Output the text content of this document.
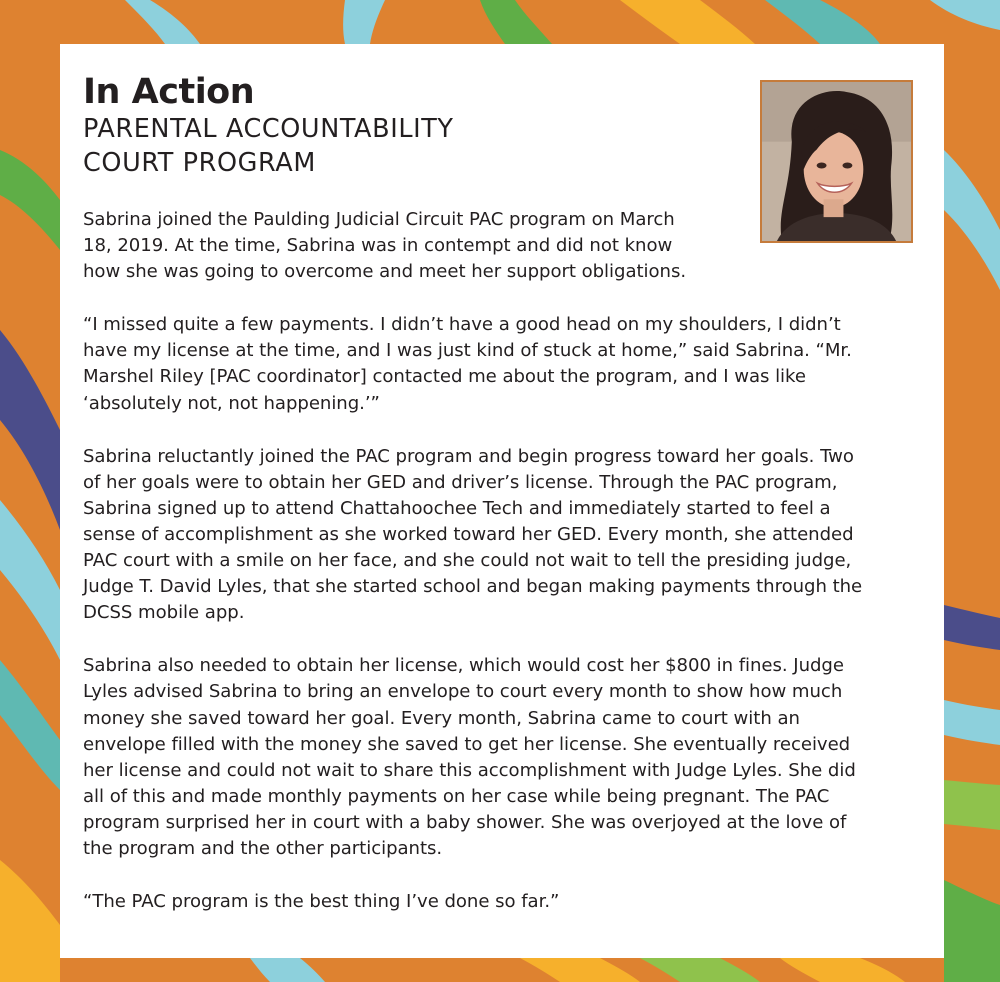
In Action
PARENTAL ACCOUNTABILITY
COURT PROGRAM

Sabrina joined the Paulding Judicial Circuit PAC program on March
18, 2019. At the time, Sabrina was in contempt and did not know
how she was going to overcome and meet her support obligations.

“I missed quite a few payments. I didn’t have a good head on my shoulders, I didn’t
have my license at the time, and I was just kind of stuck at home,” said Sabrina. “Mr.
Marshel Riley [PAC coordinator] contacted me about the program, and I was like
‘absolutely not, not happening.’”

Sabrina reluctantly joined the PAC program and begin progress toward her goals. Two
of her goals were to obtain her GED and driver’s license. Through the PAC program,
Sabrina signed up to attend Chattahoochee Tech and immediately started to feel a
sense of accomplishment as she worked toward her GED. Every month, she attended
PAC court with a smile on her face, and she could not wait to tell the presiding judge,
Judge T. David Lyles, that she started school and began making payments through the
DCSS mobile app.

Sabrina also needed to obtain her license, which would cost her $800 in fines. Judge
Lyles advised Sabrina to bring an envelope to court every month to show how much
money she saved toward her goal. Every month, Sabrina came to court with an
envelope filled with the money she saved to get her license. She eventually received
her license and could not wait to share this accomplishment with Judge Lyles. She did
all of this and made monthly payments on her case while being pregnant. The PAC
program surprised her in court with a baby shower. She was overjoyed at the love of
the program and the other participants.

“The PAC program is the best thing I’ve done so far.”
